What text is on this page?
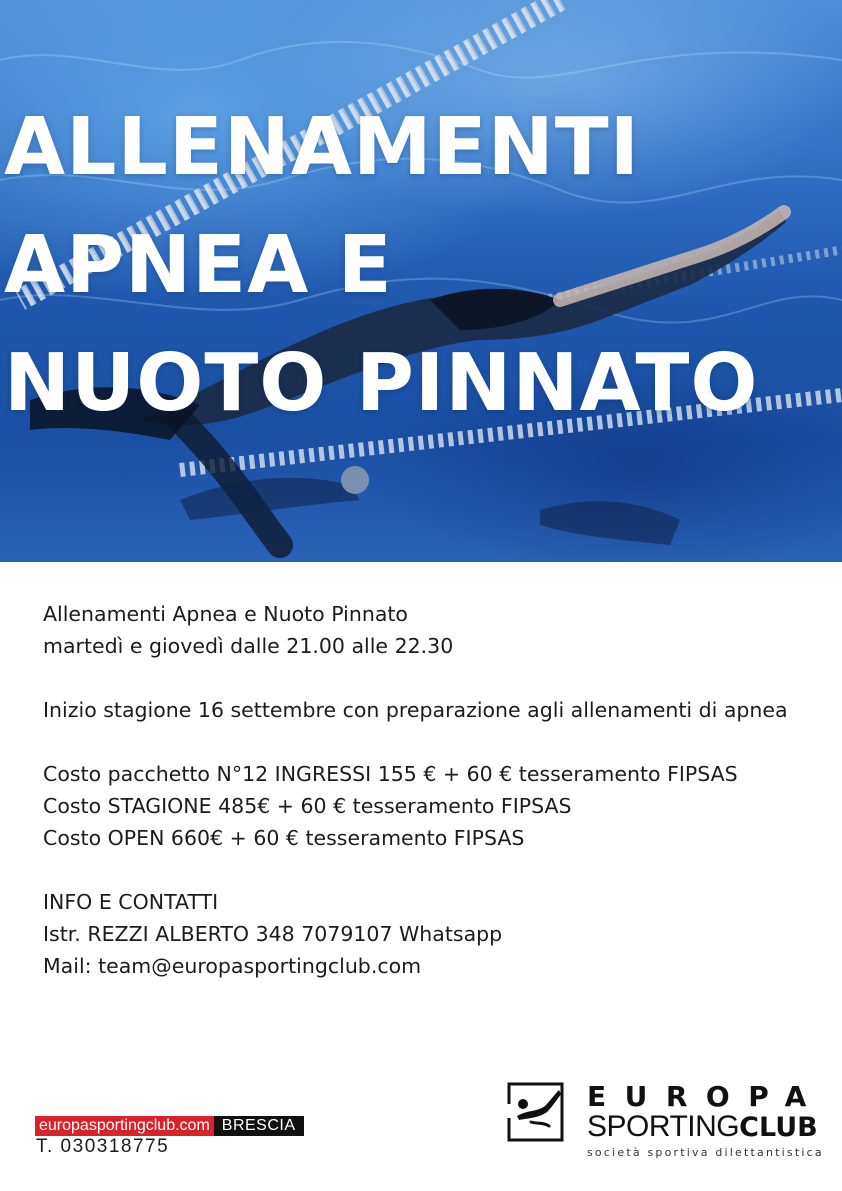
ALLENAMENTI
APNEA E
NUOTO PINNATO

Allenamenti Apnea e Nuoto Pinnato

martedì e giovedì dalle 21.00 alle 22.30

Inizio stagione 16 settembre con preparazione agli allenamenti di apnea

Costo pacchetto N°12 INGRESSI 155 € + 60 € tesseramento FIPSAS

Costo STAGIONE 485€ + 60 € tesseramento FIPSAS

Costo OPEN 660€ + 60 € tesseramento FIPSAS

INFO E CONTATTI

Istr. REZZI ALBERTO 348 7079107 Whatsapp

Mail: team@europasportingclub.com

europasportingclub.com BRESCIA
T. 030318775
EUROPA
SPORTINGCLUB
società sportiva dilettantistica
